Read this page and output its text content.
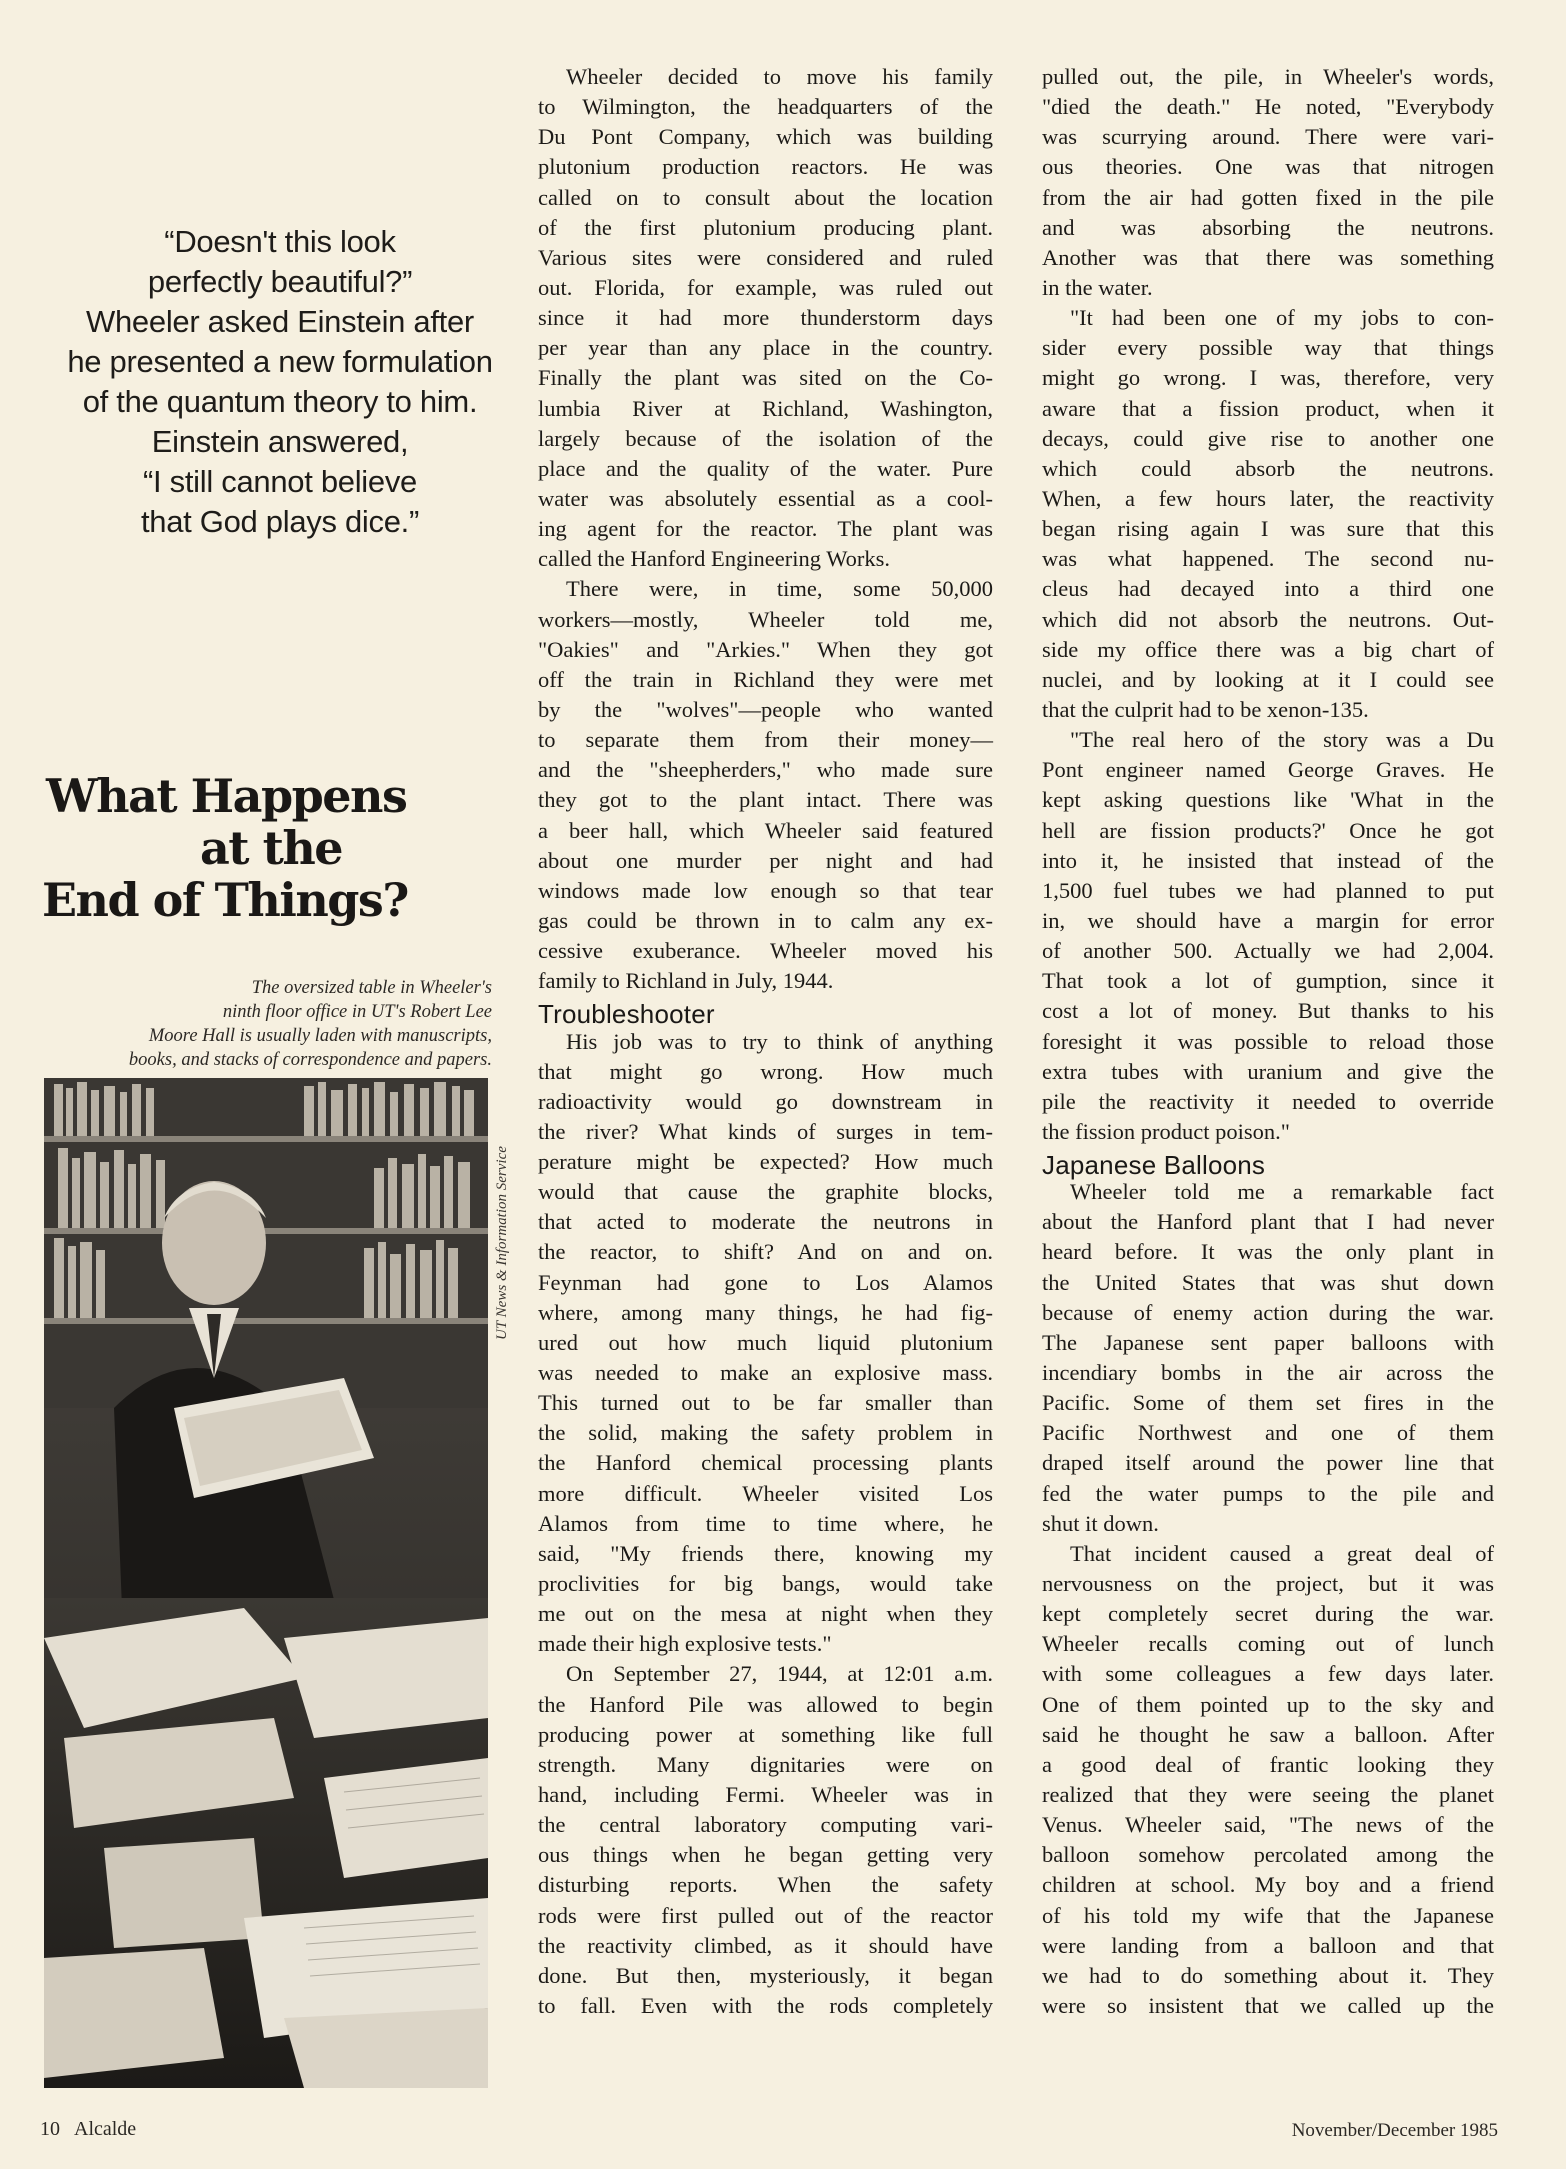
“Doesn't this look
perfectly beautiful?”
Wheeler asked Einstein after
he presented a new formulation
of the quantum theory to him.
Einstein answered,
“I still cannot believe
that God plays dice.”
What Happens
at the
End of Things?
The oversized table in Wheeler's
ninth floor office in UT's Robert Lee
Moore Hall is usually laden with manuscripts,
books, and stacks of correspondence and papers.
UT News & Information Service
Wheeler decided to move his family
to Wilmington, the headquarters of the
Du Pont Company, which was building
plutonium production reactors. He was
called on to consult about the location
of the first plutonium producing plant.
Various sites were considered and ruled
out. Florida, for example, was ruled out
since it had more thunderstorm days
per year than any place in the country.
Finally the plant was sited on the Co-
lumbia River at Richland, Washington,
largely because of the isolation of the
place and the quality of the water. Pure
water was absolutely essential as a cool-
ing agent for the reactor. The plant was
called the Hanford Engineering Works.
There were, in time, some 50,000
workers—mostly, Wheeler told me,
"Oakies" and "Arkies." When they got
off the train in Richland they were met
by the "wolves"—people who wanted
to separate them from their money—
and the "sheepherders," who made sure
they got to the plant intact. There was
a beer hall, which Wheeler said featured
about one murder per night and had
windows made low enough so that tear
gas could be thrown in to calm any ex-
cessive exuberance. Wheeler moved his
family to Richland in July, 1944.
Troubleshooter
His job was to try to think of anything
that might go wrong. How much
radioactivity would go downstream in
the river? What kinds of surges in tem-
perature might be expected? How much
would that cause the graphite blocks,
that acted to moderate the neutrons in
the reactor, to shift? And on and on.
Feynman had gone to Los Alamos
where, among many things, he had fig-
ured out how much liquid plutonium
was needed to make an explosive mass.
This turned out to be far smaller than
the solid, making the safety problem in
the Hanford chemical processing plants
more difficult. Wheeler visited Los
Alamos from time to time where, he
said, "My friends there, knowing my
proclivities for big bangs, would take
me out on the mesa at night when they
made their high explosive tests."
On September 27, 1944, at 12:01 a.m.
the Hanford Pile was allowed to begin
producing power at something like full
strength. Many dignitaries were on
hand, including Fermi. Wheeler was in
the central laboratory computing vari-
ous things when he began getting very
disturbing reports. When the safety
rods were first pulled out of the reactor
the reactivity climbed, as it should have
done. But then, mysteriously, it began
to fall. Even with the rods completely
pulled out, the pile, in Wheeler's words,
"died the death." He noted, "Everybody
was scurrying around. There were vari-
ous theories. One was that nitrogen
from the air had gotten fixed in the pile
and was absorbing the neutrons.
Another was that there was something
in the water.
"It had been one of my jobs to con-
sider every possible way that things
might go wrong. I was, therefore, very
aware that a fission product, when it
decays, could give rise to another one
which could absorb the neutrons.
When, a few hours later, the reactivity
began rising again I was sure that this
was what happened. The second nu-
cleus had decayed into a third one
which did not absorb the neutrons. Out-
side my office there was a big chart of
nuclei, and by looking at it I could see
that the culprit had to be xenon-135.
"The real hero of the story was a Du
Pont engineer named George Graves. He
kept asking questions like 'What in the
hell are fission products?' Once he got
into it, he insisted that instead of the
1,500 fuel tubes we had planned to put
in, we should have a margin for error
of another 500. Actually we had 2,004.
That took a lot of gumption, since it
cost a lot of money. But thanks to his
foresight it was possible to reload those
extra tubes with uranium and give the
pile the reactivity it needed to override
the fission product poison."
Japanese Balloons
Wheeler told me a remarkable fact
about the Hanford plant that I had never
heard before. It was the only plant in
the United States that was shut down
because of enemy action during the war.
The Japanese sent paper balloons with
incendiary bombs in the air across the
Pacific. Some of them set fires in the
Pacific Northwest and one of them
draped itself around the power line that
fed the water pumps to the pile and
shut it down.
That incident caused a great deal of
nervousness on the project, but it was
kept completely secret during the war.
Wheeler recalls coming out of lunch
with some colleagues a few days later.
One of them pointed up to the sky and
said he thought he saw a balloon. After
a good deal of frantic looking they
realized that they were seeing the planet
Venus. Wheeler said, "The news of the
balloon somehow percolated among the
children at school. My boy and a friend
of his told my wife that the Japanese
were landing from a balloon and that
we had to do something about it. They
were so insistent that we called up the
10 Alcalde	November/December 1985
